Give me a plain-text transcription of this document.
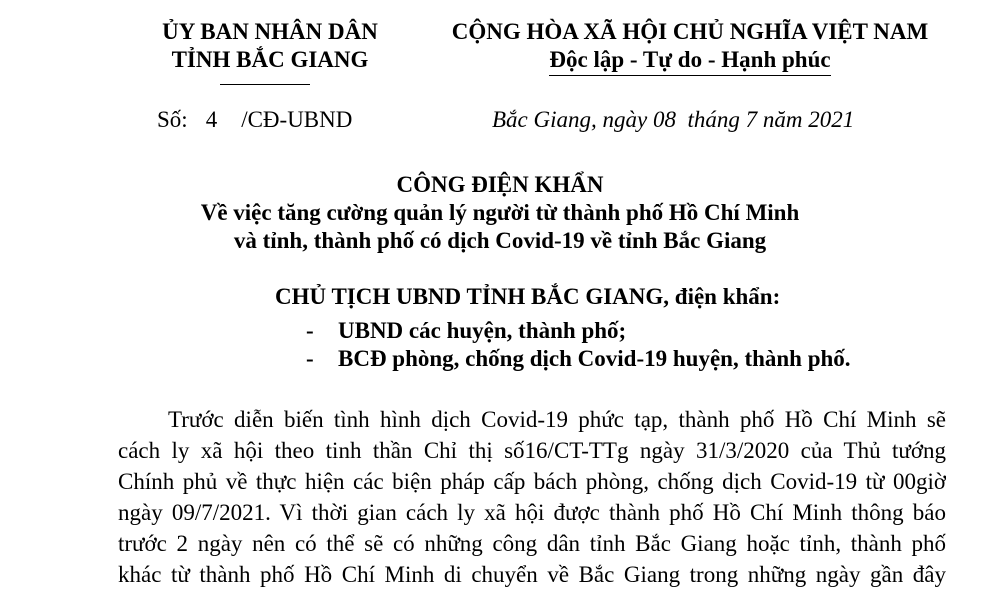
ỦY BAN NHÂN DÂN
TỈNH BẮC GIANG
CỘNG HÒA XÃ HỘI CHỦ NGHĨA VIỆT NAM
Độc lập - Tự do - Hạnh phúc
Số: 4 /CĐ-UBND	Bắc Giang, ngày 08  tháng 7 năm 2021
CÔNG ĐIỆN KHẨN
Về việc tăng cường quản lý người từ thành phố Hồ Chí Minh
và tỉnh, thành phố có dịch Covid-19 về tỉnh Bắc Giang
CHỦ TỊCH UBND TỈNH BẮC GIANG, điện khẩn:
- UBND các huyện, thành phố;
- BCĐ phòng, chống dịch Covid-19 huyện, thành phố.
Trước diễn biến tình hình dịch Covid-19 phức tạp, thành phố Hồ Chí Minh sẽ
cách ly xã hội theo tinh thần Chỉ thị số16/CT-TTg ngày 31/3/2020 của Thủ tướng
Chính phủ về thực hiện các biện pháp cấp bách phòng, chống dịch Covid-19 từ 00giờ
ngày 09/7/2021. Vì thời gian cách ly xã hội được thành phố Hồ Chí Minh thông báo
trước 2 ngày nên có thể sẽ có những công dân tỉnh Bắc Giang hoặc tỉnh, thành phố
khác từ thành phố Hồ Chí Minh di chuyển về Bắc Giang trong những ngày gần đây
